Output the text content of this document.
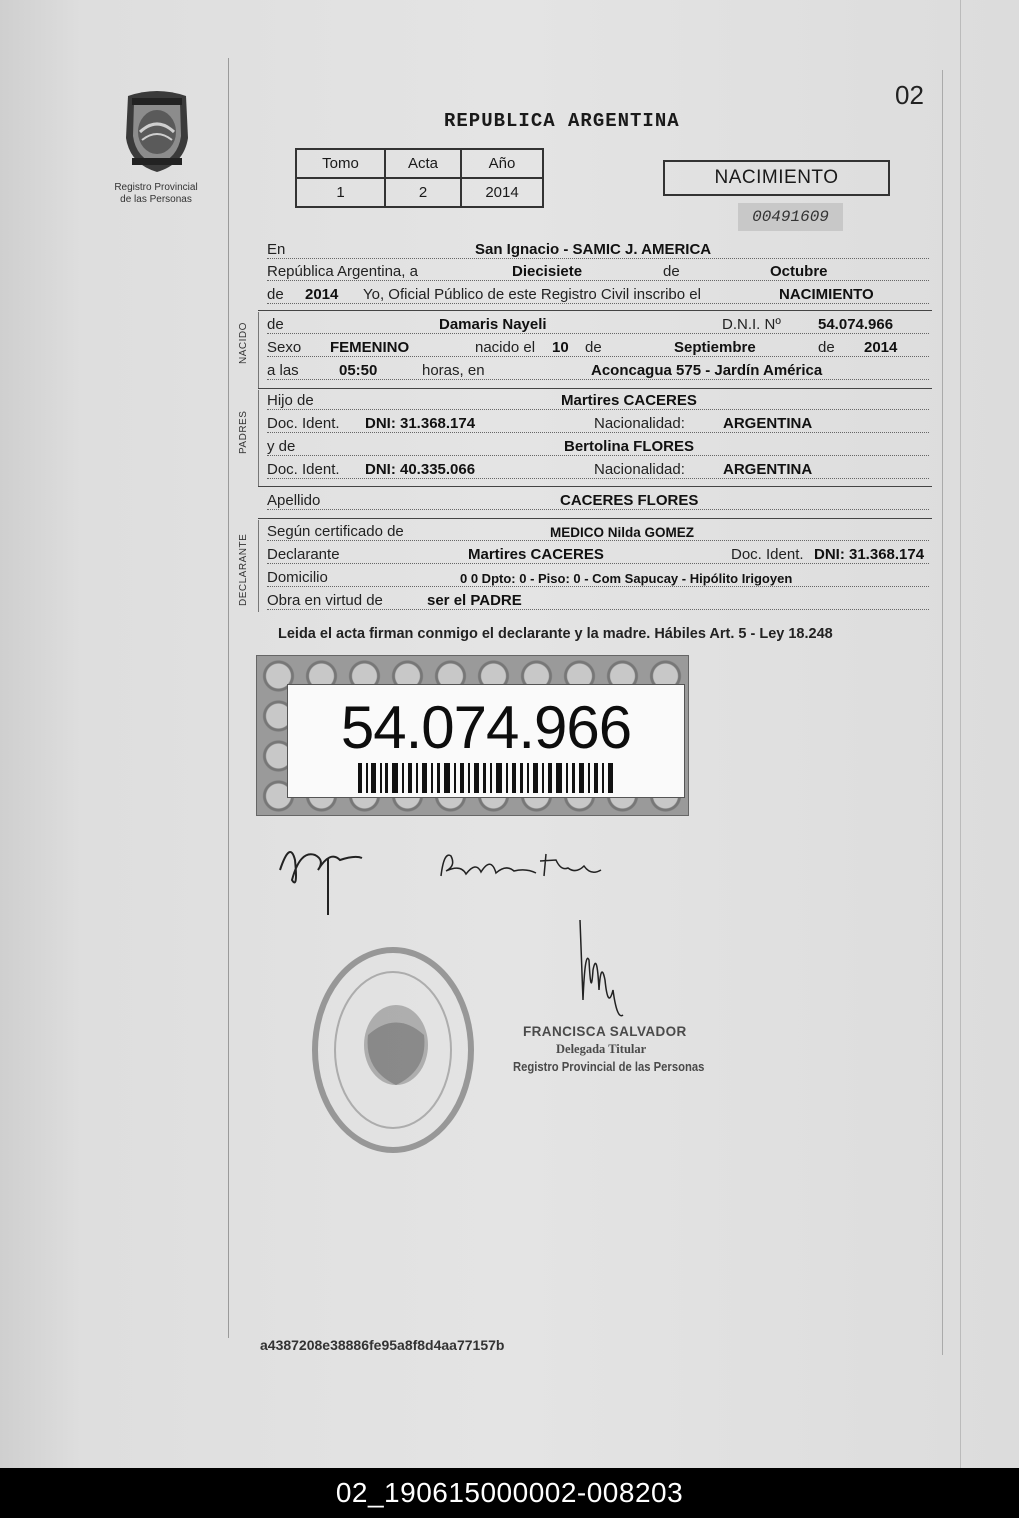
02
REPUBLICA ARGENTINA
Registro Provincial
de las Personas
Tomo	Acta	Año
1	2	2014
NACIMIENTO
00491609
En	San Ignacio - SAMIC J. AMERICA
República Argentina, a	Diecisiete	de	Octubre
de 2014 Yo, Oficial Público de este Registro Civil inscribo el	NACIMIENTO
NACIDO de	Damaris Nayeli	D.N.I. Nº 54.074.966
Sexo FEMENINO	nacido el 10 de	Septiembre	de 2014
a las	05:50	horas, en	Aconcagua 575 - Jardín América
PADRES
Hijo de	Martires CACERES
Doc. Ident. DNI: 31.368.174	Nacionalidad:	ARGENTINA
y de	Bertolina FLORES
Doc. Ident. DNI: 40.335.066	Nacionalidad:	ARGENTINA
Apellido	CACERES FLORES
DECLARANTE
Según certificado de	MEDICO Nilda GOMEZ
Declarante	Martires CACERES	Doc. Ident. DNI: 31.368.174
Domicilio	0 0 Dpto: 0 - Piso: 0 - Com Sapucay - Hipólito Irigoyen
Obra en virtud de	ser el PADRE
Leida el acta firman conmigo el declarante y la madre. Hábiles Art. 5 - Ley 18.248
54.074.966
FRANCISCA SALVADOR
Delegada Titular
Registro Provincial de las Personas
a4387208e38886fe95a8f8d4aa77157b
02_190615000002-008203
